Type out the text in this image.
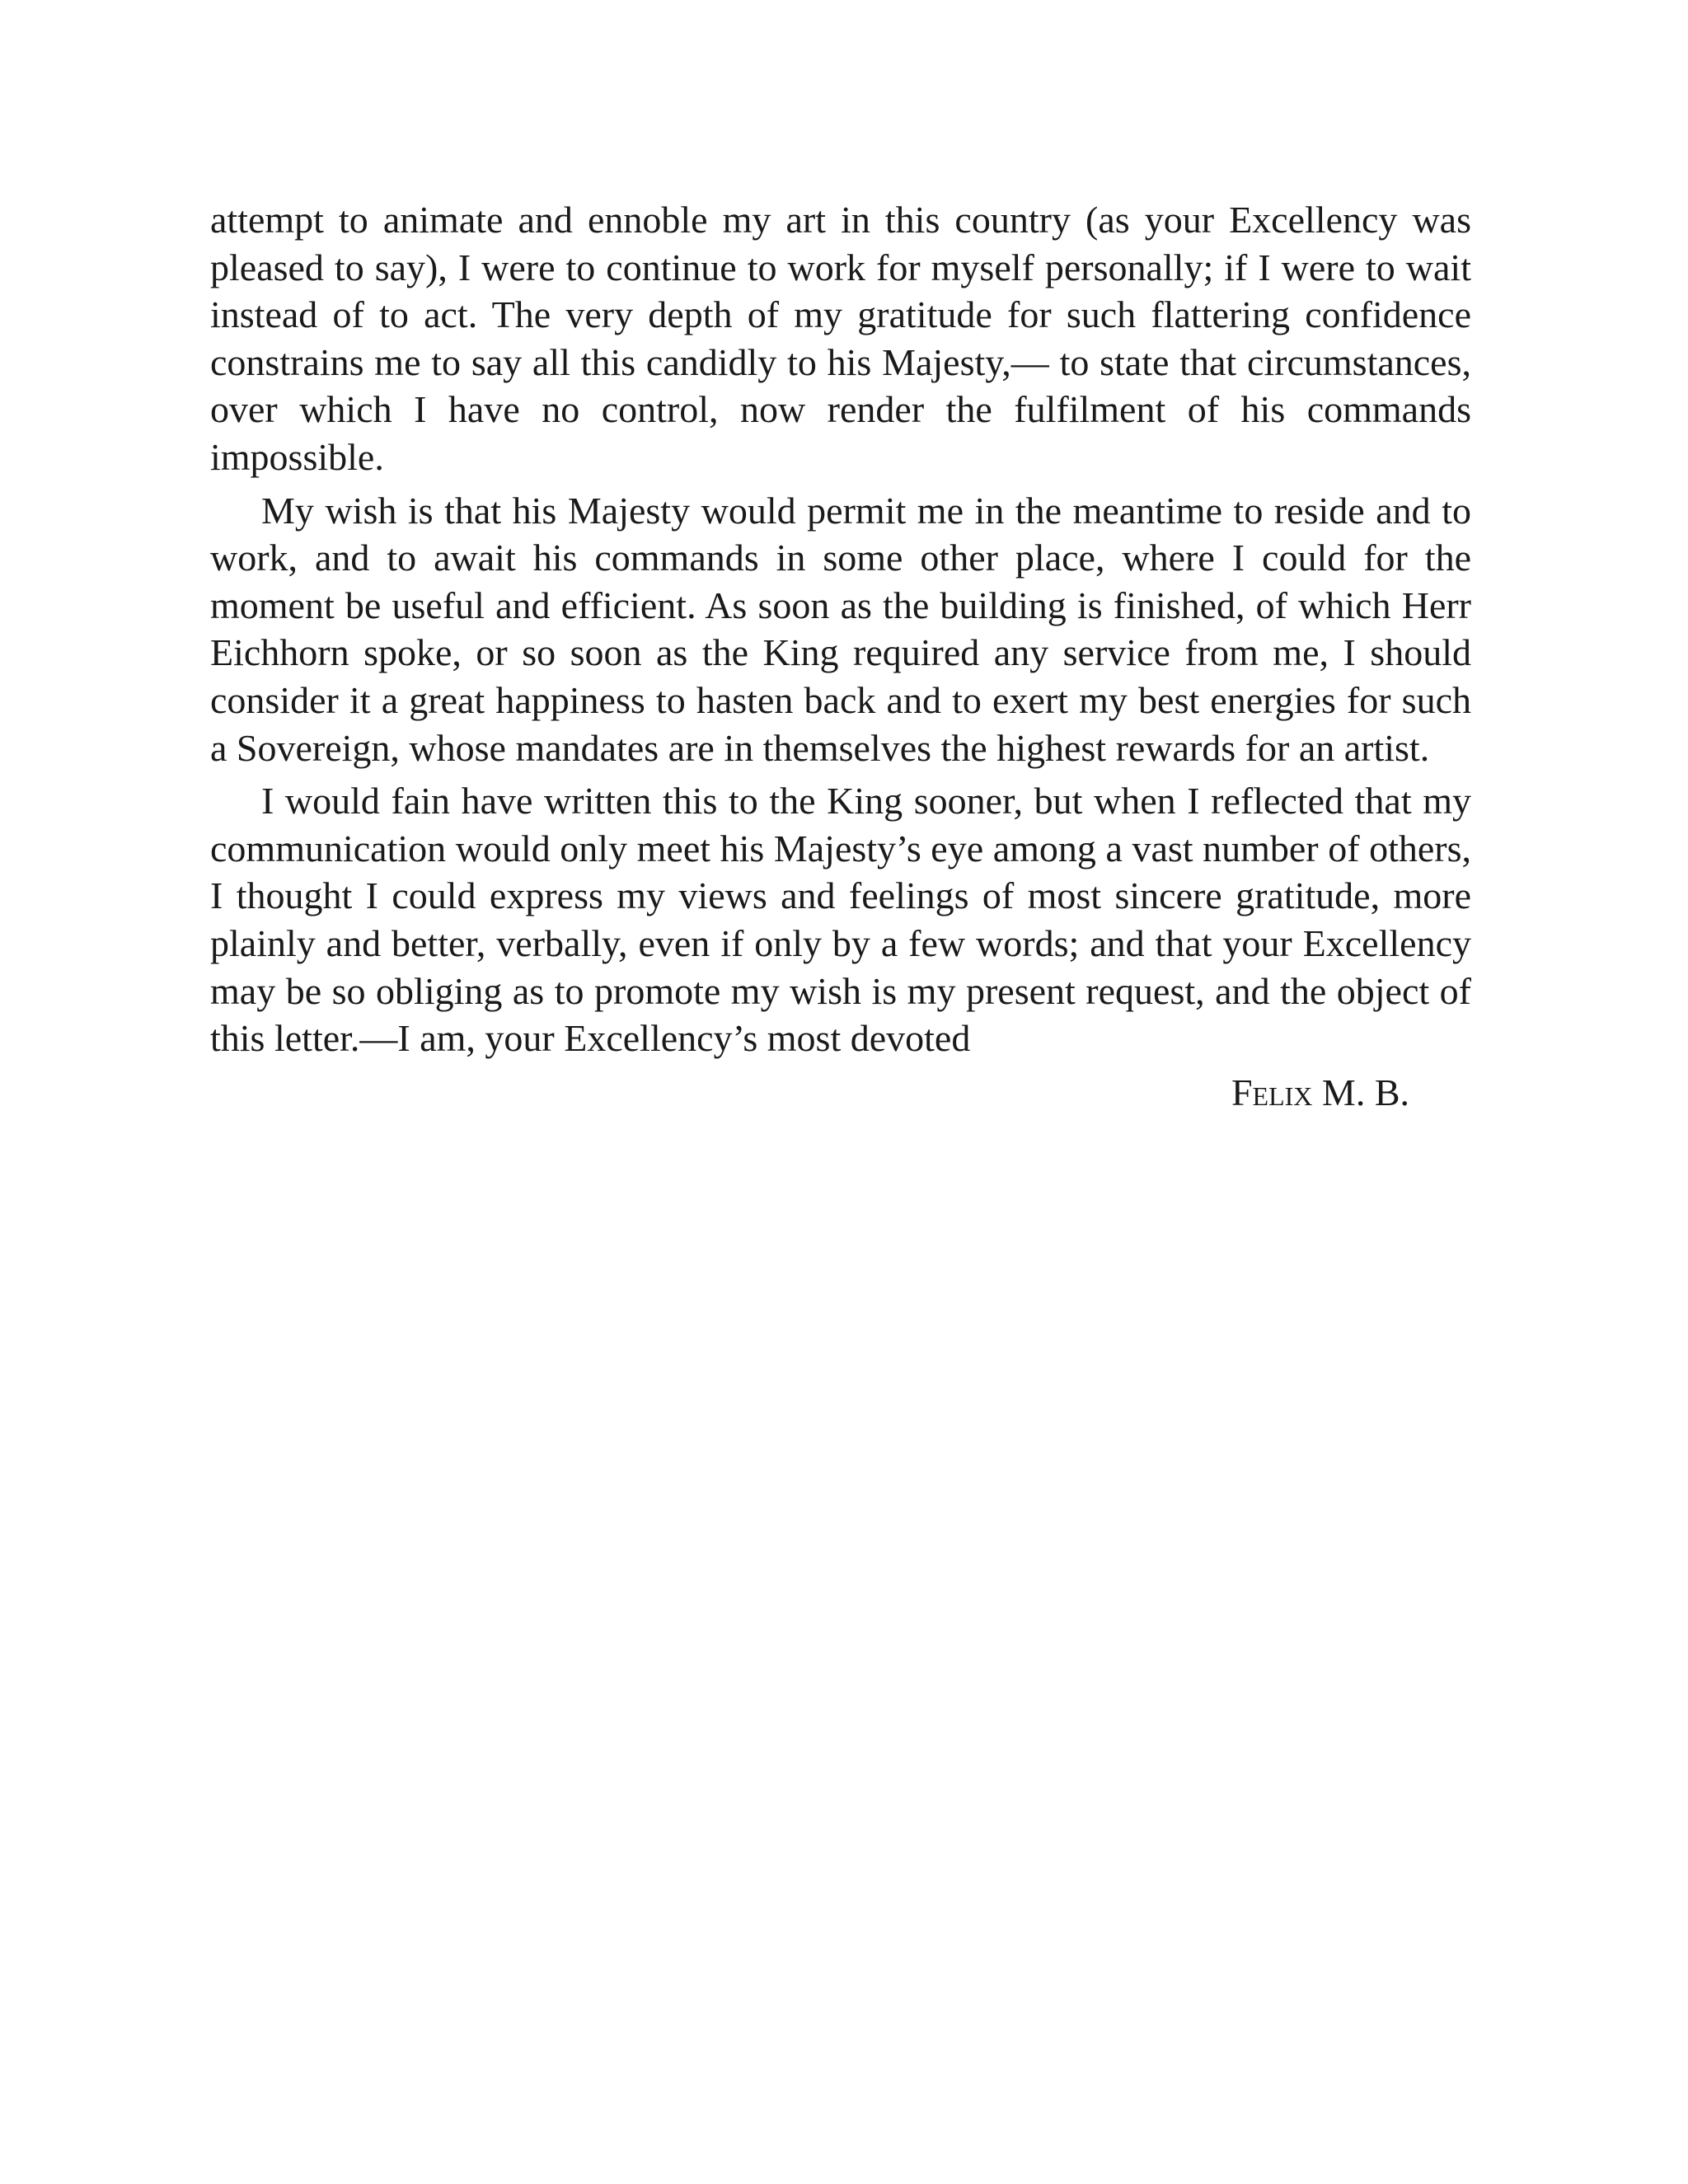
attempt to animate and ennoble my art in this country (as your Excellency was pleased to say), I were to continue to work for myself personally; if I were to wait instead of to act. The very depth of my gratitude for such flattering confidence constrains me to say all this candidly to his Majesty,— to state that circumstances, over which I have no control, now render the fulfilment of his commands impossible.

My wish is that his Majesty would permit me in the meantime to reside and to work, and to await his commands in some other place, where I could for the moment be useful and efficient. As soon as the building is finished, of which Herr Eichhorn spoke, or so soon as the King required any service from me, I should consider it a great happiness to hasten back and to exert my best energies for such a Sovereign, whose mandates are in themselves the highest rewards for an artist.

I would fain have written this to the King sooner, but when I reflected that my communication would only meet his Majesty’s eye among a vast number of others, I thought I could express my views and feelings of most sincere gratitude, more plainly and better, verbally, even if only by a few words; and that your Excellency may be so obliging as to promote my wish is my present request, and the object of this letter.—I am, your Excellency’s most devoted

Felix M. B.
